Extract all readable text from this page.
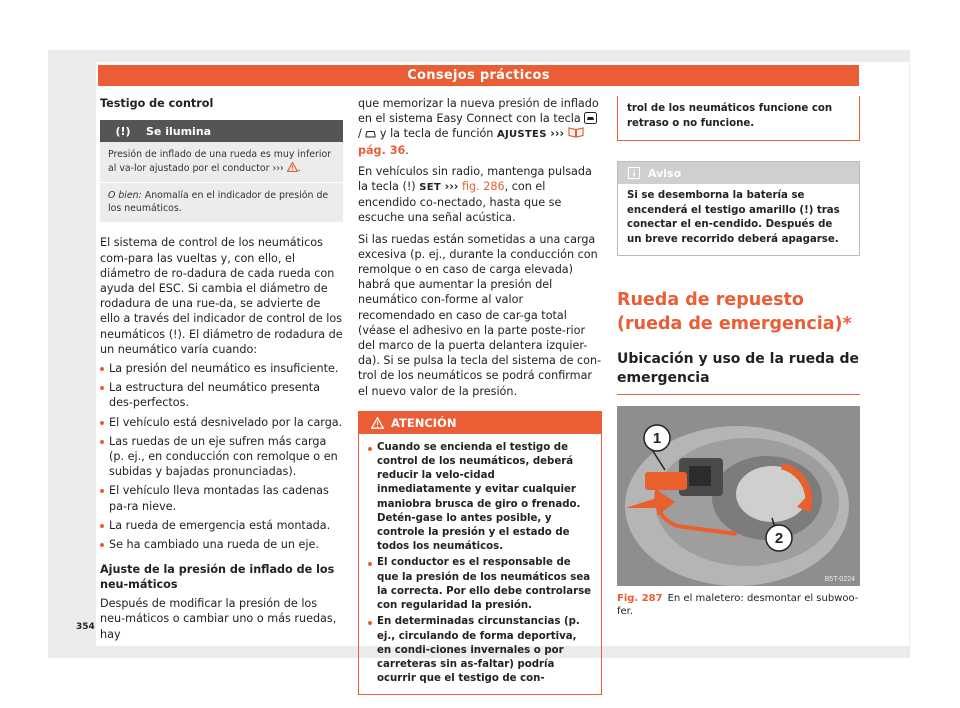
Consejos prácticos
Testigo de control
(!)	Se ilumina
Presión de inflado de una rueda es muy inferior al va-lor ajustado por el conductor ››› .
O bien: Anomalía en el indicador de presión de los neumáticos.
El sistema de control de los neumáticos com-para las vueltas y, con ello, el diámetro de ro-dadura de cada rueda con ayuda del ESC. Si cambia el diámetro de rodadura de una rue-da, se advierte de ello a través del indicador de control de los neumáticos (!). El diámetro de rodadura de un neumático varía cuando:
La presión del neumático es insuficiente.
La estructura del neumático presenta des-perfectos.
El vehículo está desnivelado por la carga.
Las ruedas de un eje sufren más carga (p. ej., en conducción con remolque o en subidas y bajadas pronunciadas).
El vehículo lleva montadas las cadenas pa-ra nieve.
La rueda de emergencia está montada.
Se ha cambiado una rueda de un eje.
Ajuste de la presión de inflado de los neu-máticos
Después de modificar la presión de los neu-máticos o cambiar uno o más ruedas, hay
que memorizar la nueva presión de inflado en el sistema Easy Connect con la tecla  /  y la tecla de función AJUSTES ›››  pág. 36.
En vehículos sin radio, mantenga pulsada la tecla (!) SET ››› fig. 286, con el encendido co-nectado, hasta que se escuche una señal acústica.
Si las ruedas están sometidas a una carga excesiva (p. ej., durante la conducción con remolque o en caso de carga elevada) habrá que aumentar la presión del neumático con-forme al valor recomendado en caso de car-ga total (véase el adhesivo en la parte poste-rior del marco de la puerta delantera izquier-da). Si se pulsa la tecla del sistema de con-trol de los neumáticos se podrá confirmar el nuevo valor de la presión.
ATENCIÓN
Cuando se encienda el testigo de control de los neumáticos, deberá reducir la velo-cidad inmediatamente y evitar cualquier maniobra brusca de giro o frenado. Detén-gase lo antes posible, y controle la presión y el estado de todos los neumáticos.
El conductor es el responsable de que la presión de los neumáticos sea la correcta. Por ello debe controlarse con regularidad la presión.
En determinadas circunstancias (p. ej., circulando de forma deportiva, en condi-ciones invernales o por carreteras sin as-faltar) podría ocurrir que el testigo de con-
trol de los neumáticos funcione con retraso o no funcione.
Aviso
Si se desemborna la batería se encenderá el testigo amarillo (!) tras conectar el en-cendido. Después de un breve recorrido deberá apagarse.
Rueda de repuesto (rueda de emergencia)*
Ubicación y uso de la rueda de emergencia
1
2
B5T-0224
Fig. 287 En el maletero: desmontar el subwoo-fer.
354
